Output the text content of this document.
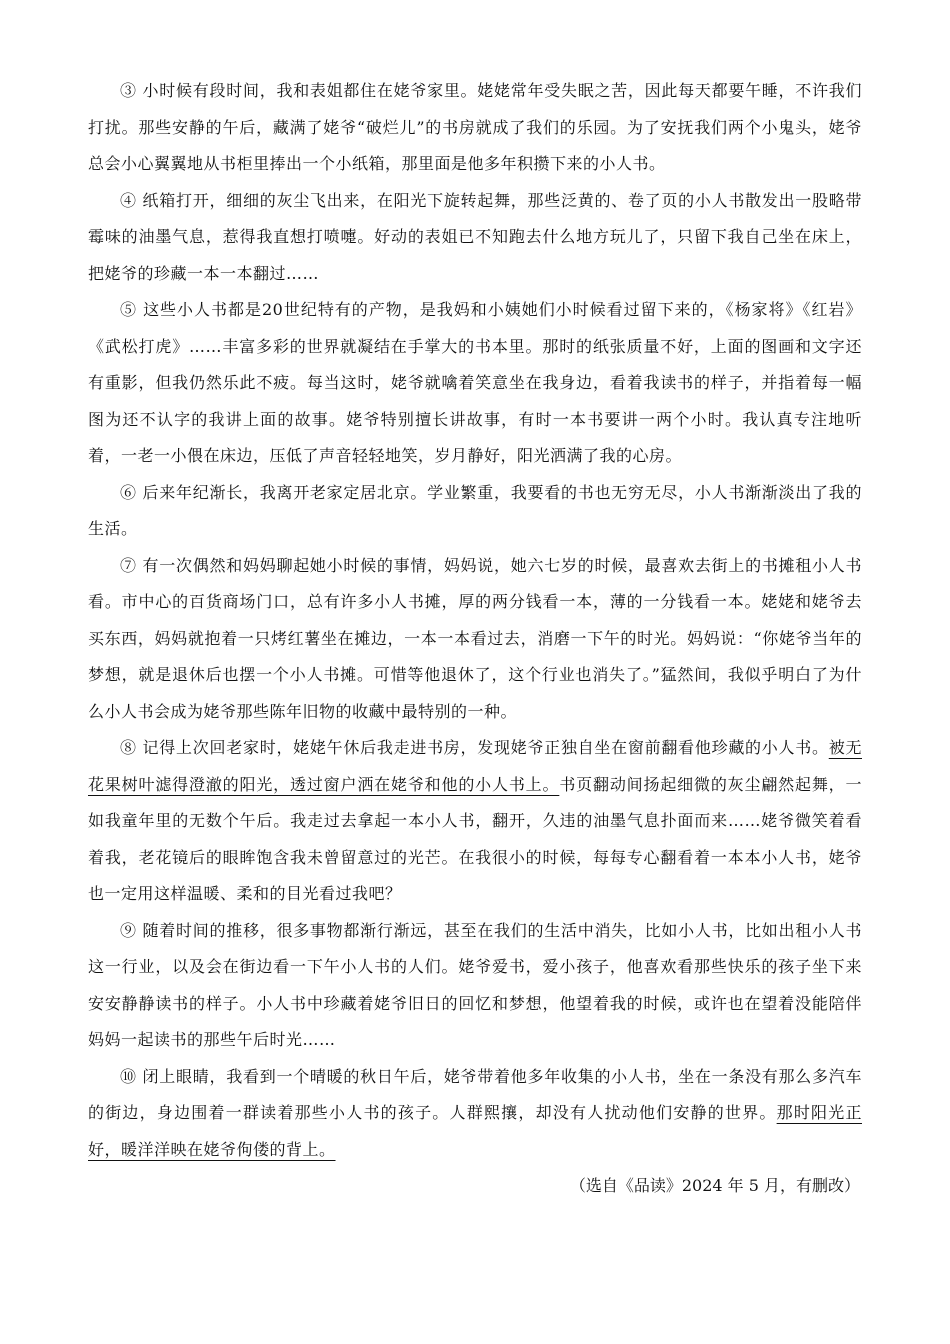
③ 小时候有段时间，我和表姐都住在姥爷家里。姥姥常年受失眠之苦，因此每天都要午睡，不许我们打扰。那些安静的午后，藏满了姥爷“破烂儿”的书房就成了我们的乐园。为了安抚我们两个小鬼头，姥爷总会小心翼翼地从书柜里捧出一个小纸箱，那里面是他多年积攒下来的小人书。

④ 纸箱打开，细细的灰尘飞出来，在阳光下旋转起舞，那些泛黄的、卷了页的小人书散发出一股略带霉味的油墨气息，惹得我直想打喷嚏。好动的表姐已不知跑去什么地方玩儿了，只留下我自己坐在床上，把姥爷的珍藏一本一本翻过……

⑤ 这些小人书都是20世纪特有的产物，是我妈和小姨她们小时候看过留下来的，《杨家将》《红岩》《武松打虎》……丰富多彩的世界就凝结在手掌大的书本里。那时的纸张质量不好，上面的图画和文字还有重影，但我仍然乐此不疲。每当这时，姥爷就噙着笑意坐在我身边，看着我读书的样子，并指着每一幅图为还不认字的我讲上面的故事。姥爷特别擅长讲故事，有时一本书要讲一两个小时。我认真专注地听着，一老一小偎在床边，压低了声音轻轻地笑，岁月静好，阳光洒满了我的心房。

⑥ 后来年纪渐长，我离开老家定居北京。学业繁重，我要看的书也无穷无尽，小人书渐渐淡出了我的生活。

⑦ 有一次偶然和妈妈聊起她小时候的事情，妈妈说，她六七岁的时候，最喜欢去街上的书摊租小人书看。市中心的百货商场门口，总有许多小人书摊，厚的两分钱看一本，薄的一分钱看一本。姥姥和姥爷去买东西，妈妈就抱着一只烤红薯坐在摊边，一本一本看过去，消磨一下午的时光。妈妈说：“你姥爷当年的梦想，就是退休后也摆一个小人书摊。可惜等他退休了，这个行业也消失了。”猛然间，我似乎明白了为什么小人书会成为姥爷那些陈年旧物的收藏中最特别的一种。

⑧ 记得上次回老家时，姥姥午休后我走进书房，发现姥爷正独自坐在窗前翻看他珍藏的小人书。被无花果树叶滤得澄澈的阳光，透过窗户洒在姥爷和他的小人书上。书页翻动间扬起细微的灰尘翩然起舞，一如我童年里的无数个午后。我走过去拿起一本小人书，翻开，久违的油墨气息扑面而来……姥爷微笑着看着我，老花镜后的眼眸饱含我未曾留意过的光芒。在我很小的时候，每每专心翻看着一本本小人书，姥爷也一定用这样温暖、柔和的目光看过我吧？

⑨ 随着时间的推移，很多事物都渐行渐远，甚至在我们的生活中消失，比如小人书，比如出租小人书这一行业，以及会在街边看一下午小人书的人们。姥爷爱书，爱小孩子，他喜欢看那些快乐的孩子坐下来安安静静读书的样子。小人书中珍藏着姥爷旧日的回忆和梦想，他望着我的时候，或许也在望着没能陪伴妈妈一起读书的那些午后时光……

⑩ 闭上眼睛，我看到一个晴暖的秋日午后，姥爷带着他多年收集的小人书，坐在一条没有那么多汽车的街边，身边围着一群读着那些小人书的孩子。人群熙攘，却没有人扰动他们安静的世界。那时阳光正好，暖洋洋映在姥爷佝偻的背上。

（选自《品读》2024 年 5 月，有删改）
